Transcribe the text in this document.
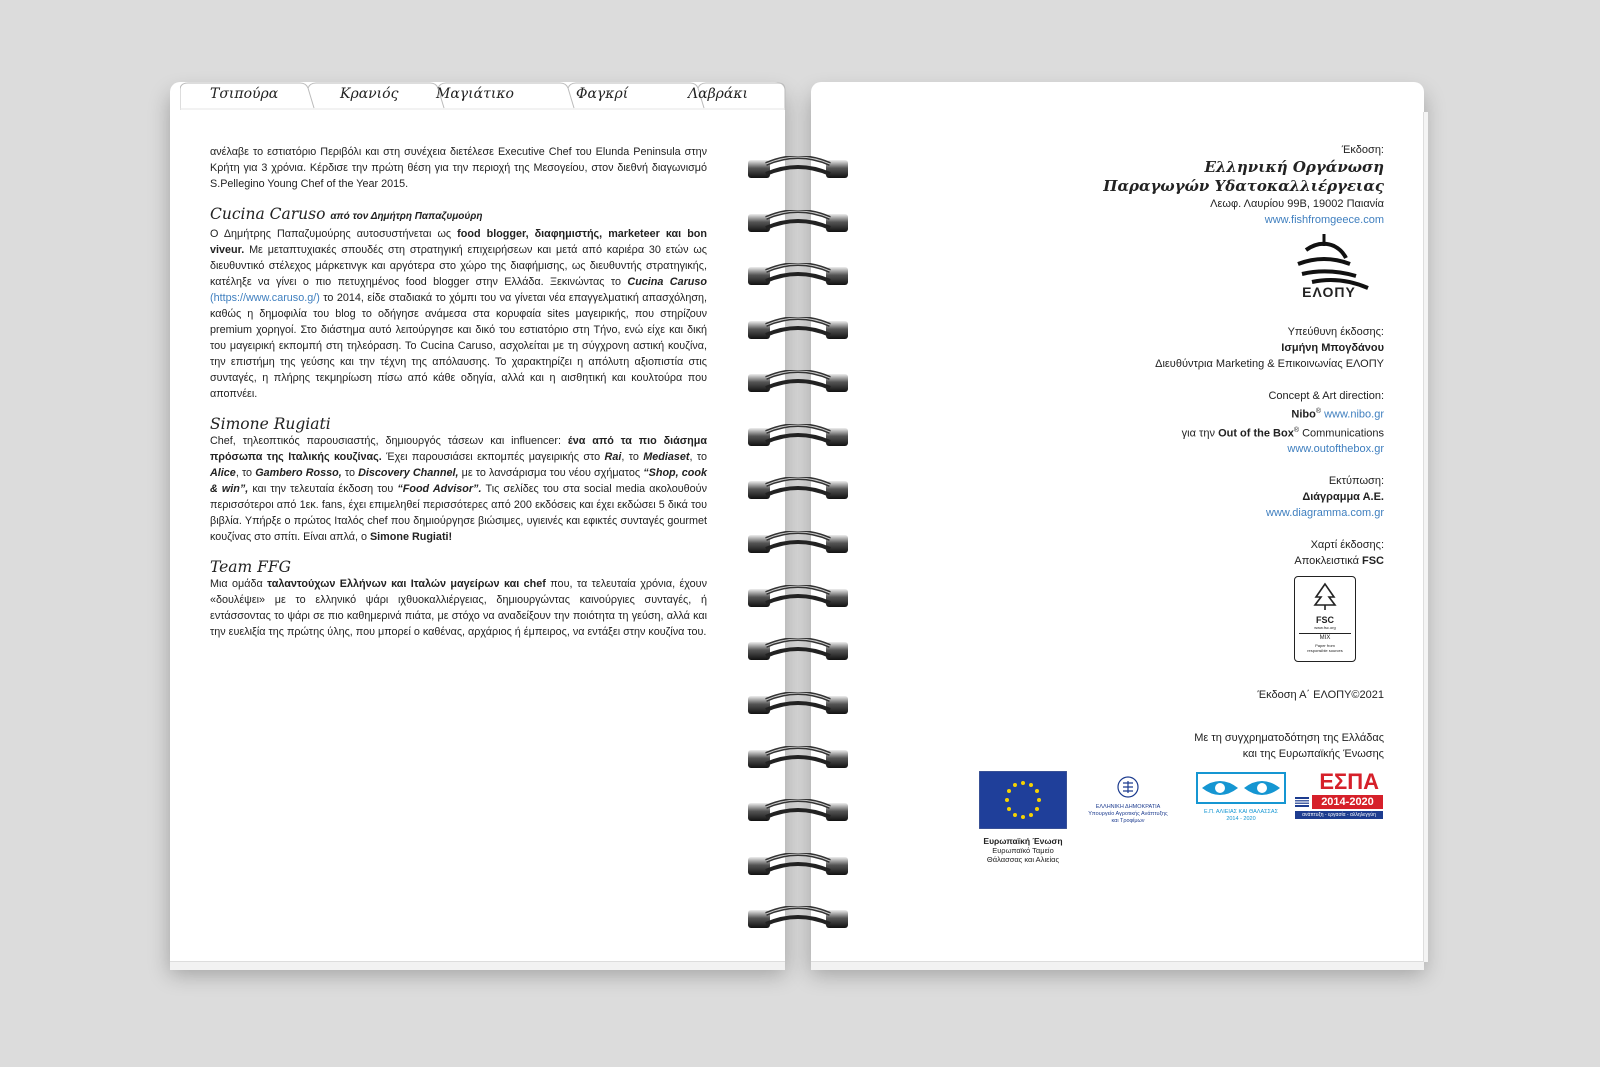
Τσιπούρα	Κρανιός	Μαγιάτικο	Φαγκρί	Λαβράκι

ανέλαβε το εστιατόριο Περιβόλι και στη συνέχεια διετέλεσε Executive Chef του Elunda Peninsula στην Κρήτη για 3 χρόνια. Κέρδισε την πρώτη θέση για την περιοχή της Μεσογείου, στον διεθνή διαγωνισμό S.Pellegino Young Chef of the Year 2015.

Cucina Caruso από τον Δημήτρη Παπαζυμούρη

Ο Δημήτρης Παπαζυμούρης αυτοσυστήνεται ως food blogger, διαφημιστής, marketeer και bon viveur. Με μεταπτυχιακές σπουδές στη στρατηγική επιχειρήσεων και μετά από καριέρα 30 ετών ως διευθυντικό στέλεχος μάρκετινγκ και αργότερα στο χώρο της διαφήμισης, ως διευθυντής στρατηγικής, κατέληξε να γίνει ο πιο πετυχημένος food blogger στην Ελλάδα. Ξεκινώντας το Cucina Caruso (https://www.caruso.g/) το 2014, είδε σταδιακά το χόμπι του να γίνεται νέα επαγγελματική απασχόληση, καθώς η δημοφιλία του blog το οδήγησε ανάμεσα στα κορυφαία sites μαγειρικής, που στηρίζουν premium χορηγοί. Στο διάστημα αυτό λειτούργησε και δικό του εστιατόριο στη Τήνο, ενώ είχε και δική του μαγειρική εκπομπή στη τηλεόραση. Το Cucina Caruso, ασχολείται με τη σύγχρονη αστική κουζίνα, την επιστήμη της γεύσης και την τέχνη της απόλαυσης. Το χαρακτηρίζει η απόλυτη αξιοπιστία στις συνταγές, η πλήρης τεκμηρίωση πίσω από κάθε οδηγία, αλλά και η αισθητική και κουλτούρα που αποπνέει.

Simone Rugiati

Chef, τηλεοπτικός παρουσιαστής, δημιουργός τάσεων και influencer: ένα από τα πιο διάσημα πρόσωπα της Ιταλικής κουζίνας. Έχει παρουσιάσει εκπομπές μαγειρικής στο Rai, το Mediaset, το Alice, το Gambero Rosso, το Discovery Channel, με το λανσάρισμα του νέου σχήματος “Shop, cook & win”, και την τελευταία έκδοση του “Food Advisor”. Τις σελίδες του στα social media ακολουθούν περισσότεροι από 1εκ. fans, έχει επιμεληθεί περισσότερες από 200 εκδόσεις και έχει εκδώσει 5 δικά του βιβλία. Υπήρξε ο πρώτος Ιταλός chef που δημιούργησε βιώσιμες, υγιεινές και εφικτές συνταγές gourmet κουζίνας στο σπίτι. Είναι απλά, ο Simone Rugiati!

Team FFG

Μια ομάδα ταλαντούχων Ελλήνων και Ιταλών μαγείρων και chef που, τα τελευταία χρόνια, έχουν «δουλέψει» με το ελληνικό ψάρι ιχθυοκαλλιέργειας, δημιουργώντας καινούργιες συνταγές, ή εντάσσοντας το ψάρι σε πιο καθημερινά πιάτα, με στόχο να αναδείξουν την ποιότητα τη γεύση, αλλά και την ευελιξία της πρώτης ύλης, που μπορεί ο καθένας, αρχάριος ή έμπειρος, να εντάξει στην κουζίνα του.

Έκδοση:

Ελληνική Οργάνωση

Παραγωγών Υδατοκαλλιέργειας

Λεωφ. Λαυρίου 99Β, 19002 Παιανία

www.fishfromgeece.com

Υπεύθυνη έκδοσης:

Ισμήνη Μπογδάνου

Διευθύντρια Marketing & Επικοινωνίας ΕΛΟΠΥ

Concept & Art direction:

Nibo® www.nibo.gr

για την Out of the Box® Communications

www.outofthebox.gr

Εκτύπωση:

Διάγραμμα Α.Ε.

www.diagramma.com.gr

Χαρτί έκδοσης:

Αποκλειστικά FSC

ΕΛΟΠΥ
FSC
www.fsc.org
MIX
Paper from
responsible sources
Έκδοση Α΄ ΕΛΟΠΥ©2021
Με τη συγχρηματοδότηση της Ελλάδας
και της Ευρωπαϊκής Ένωσης
Ευρωπαϊκή Ένωση
Ευρωπαϊκό Ταμείο
Θάλασσας και Αλιείας
ΕΛΛΗΝΙΚΗ ΔΗΜΟΚΡΑΤΙΑ
Υπουργείο Αγροτικής Ανάπτυξης
και Τροφίμων
Ε.Π. ΑΛΙΕΙΑΣ ΚΑΙ ΘΑΛΑΣΣΑΣ
2014 - 2020
ΕΣΠΑ
2014-2020
ανάπτυξη - εργασία - αλληλεγγύη
